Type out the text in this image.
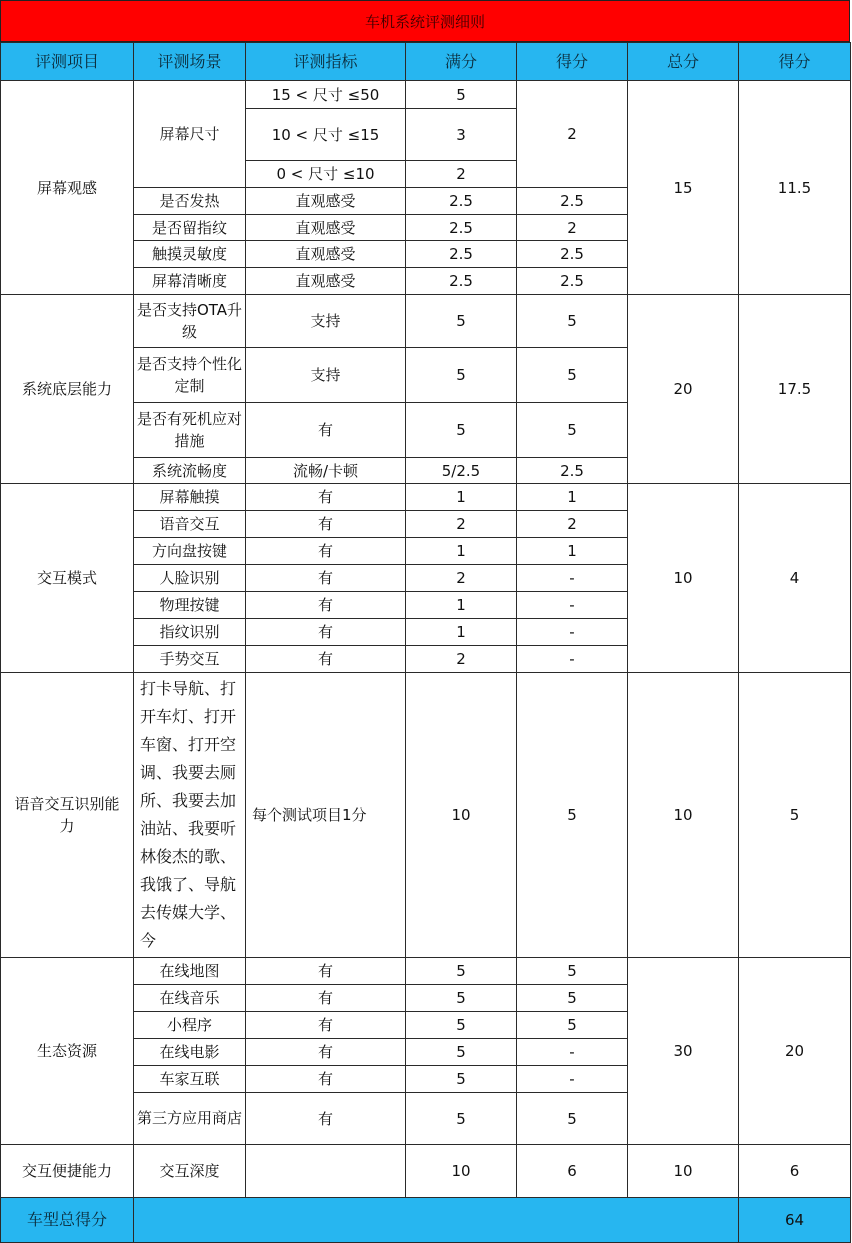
车机系统评测细则
评测项目	评测场景	评测指标	满分	得分	总分	得分
屏幕观感	屏幕尺寸	15 < 尺寸 ≤50	5	2	15	11.5
		10 < 尺寸 ≤15	3			
		0 < 尺寸 ≤10	2			
	是否发热	直观感受	2.5	2.5		
	是否留指纹	直观感受	2.5	2		
	触摸灵敏度	直观感受	2.5	2.5		
	屏幕清晰度	直观感受	2.5	2.5		
系统底层能力	是否支持OTA升级	支持	5	5	20	17.5
	是否支持个性化定制	支持	5	5		
	是否有死机应对措施	有	5	5		
	系统流畅度	流畅/卡顿	5/2.5	2.5		
交互模式	屏幕触摸	有	1	1	10	4
	语音交互	有	2	2		
	方向盘按键	有	1	1		
	人脸识别	有	2	-		
	物理按键	有	1	-		
	指纹识别	有	1	-		
	手势交互	有	2	-		
语音交互识别能力	打卡导航、打开车灯、打开车窗、打开空调、我要去厕所、我要去加油站、我要听林俊杰的歌、我饿了、导航去传媒大学、今	每个测试项目1分	10	5	10	5
生态资源	在线地图	有	5	5	30	20
	在线音乐	有	5	5		
	小程序	有	5	5		
	在线电影	有	5	-		
	车家互联	有	5	-		
	第三方应用商店	有	5	5		
交互便捷能力	交互深度		10	6	10	6
车型总得分						64
